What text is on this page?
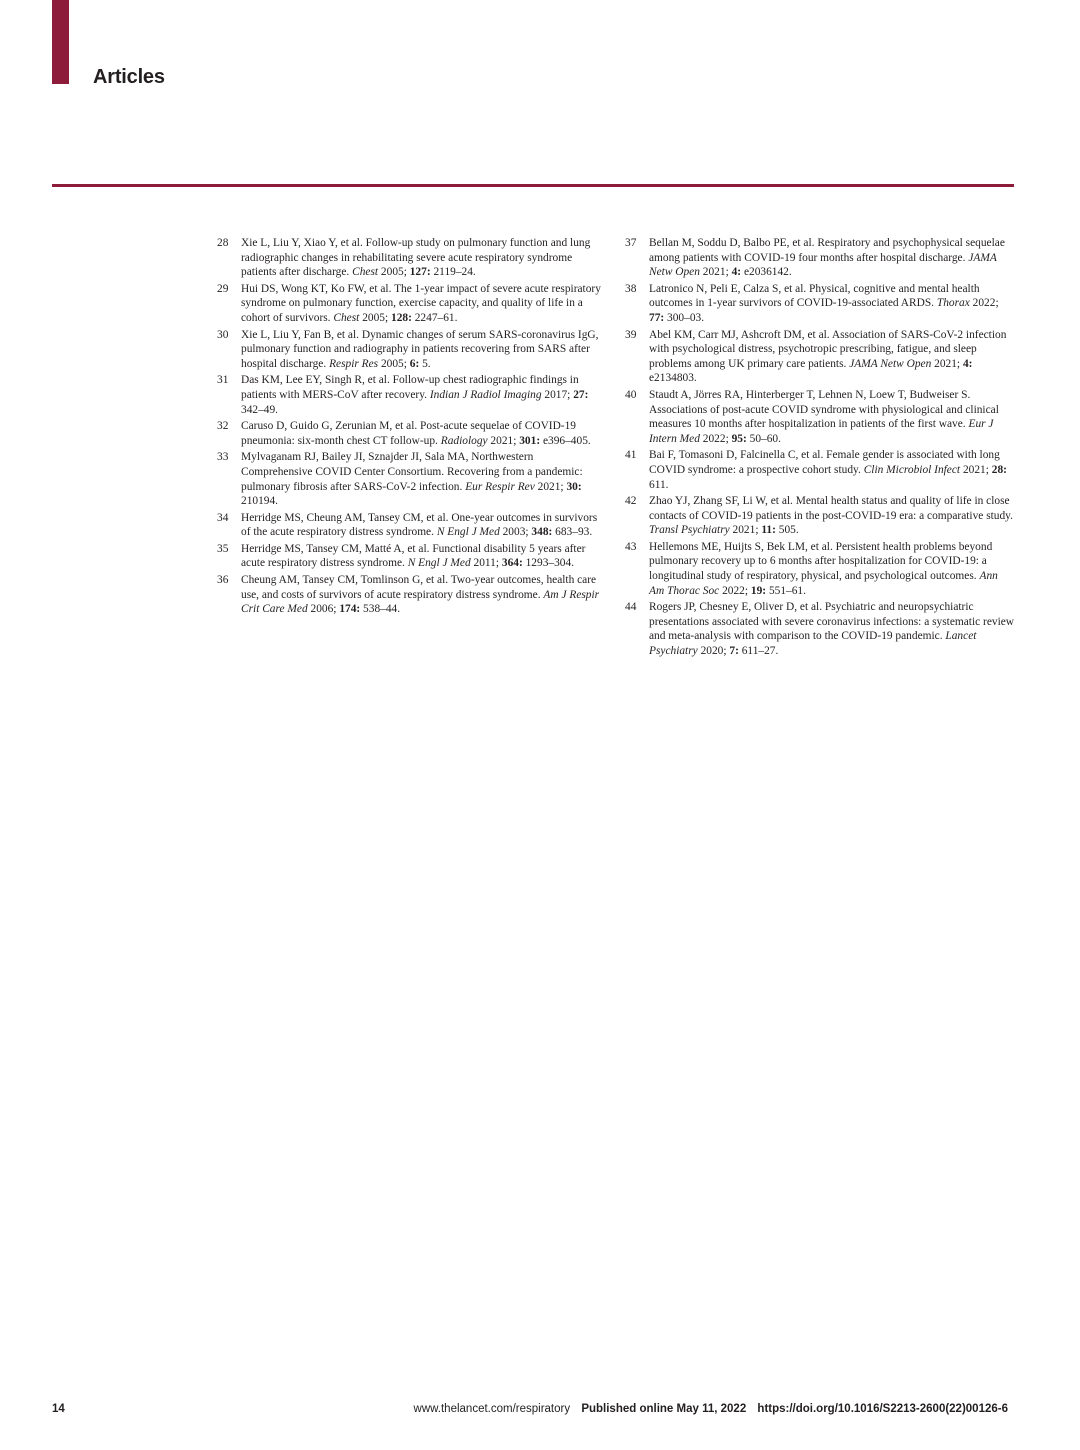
Articles
28	Xie L, Liu Y, Xiao Y, et al. Follow-up study on pulmonary function and lung radiographic changes in rehabilitating severe acute respiratory syndrome patients after discharge. Chest 2005; 127: 2119–24.
29	Hui DS, Wong KT, Ko FW, et al. The 1-year impact of severe acute respiratory syndrome on pulmonary function, exercise capacity, and quality of life in a cohort of survivors. Chest 2005; 128: 2247–61.
30	Xie L, Liu Y, Fan B, et al. Dynamic changes of serum SARS-coronavirus IgG, pulmonary function and radiography in patients recovering from SARS after hospital discharge. Respir Res 2005; 6: 5.
31	Das KM, Lee EY, Singh R, et al. Follow-up chest radiographic findings in patients with MERS-CoV after recovery. Indian J Radiol Imaging 2017; 27: 342–49.
32	Caruso D, Guido G, Zerunian M, et al. Post-acute sequelae of COVID-19 pneumonia: six-month chest CT follow-up. Radiology 2021; 301: e396–405.
33	Mylvaganam RJ, Bailey JI, Sznajder JI, Sala MA, Northwestern Comprehensive COVID Center Consortium. Recovering from a pandemic: pulmonary fibrosis after SARS-CoV-2 infection. Eur Respir Rev 2021; 30: 210194.
34	Herridge MS, Cheung AM, Tansey CM, et al. One-year outcomes in survivors of the acute respiratory distress syndrome. N Engl J Med 2003; 348: 683–93.
35	Herridge MS, Tansey CM, Matté A, et al. Functional disability 5 years after acute respiratory distress syndrome. N Engl J Med 2011; 364: 1293–304.
36	Cheung AM, Tansey CM, Tomlinson G, et al. Two-year outcomes, health care use, and costs of survivors of acute respiratory distress syndrome. Am J Respir Crit Care Med 2006; 174: 538–44.
37	Bellan M, Soddu D, Balbo PE, et al. Respiratory and psychophysical sequelae among patients with COVID-19 four months after hospital discharge. JAMA Netw Open 2021; 4: e2036142.
38	Latronico N, Peli E, Calza S, et al. Physical, cognitive and mental health outcomes in 1-year survivors of COVID-19-associated ARDS. Thorax 2022; 77: 300–03.
39	Abel KM, Carr MJ, Ashcroft DM, et al. Association of SARS-CoV-2 infection with psychological distress, psychotropic prescribing, fatigue, and sleep problems among UK primary care patients. JAMA Netw Open 2021; 4: e2134803.
40	Staudt A, Jörres RA, Hinterberger T, Lehnen N, Loew T, Budweiser S. Associations of post-acute COVID syndrome with physiological and clinical measures 10 months after hospitalization in patients of the first wave. Eur J Intern Med 2022; 95: 50–60.
41	Bai F, Tomasoni D, Falcinella C, et al. Female gender is associated with long COVID syndrome: a prospective cohort study. Clin Microbiol Infect 2021; 28: 611.
42	Zhao YJ, Zhang SF, Li W, et al. Mental health status and quality of life in close contacts of COVID-19 patients in the post-COVID-19 era: a comparative study. Transl Psychiatry 2021; 11: 505.
43	Hellemons ME, Huijts S, Bek LM, et al. Persistent health problems beyond pulmonary recovery up to 6 months after hospitalization for COVID-19: a longitudinal study of respiratory, physical, and psychological outcomes. Ann Am Thorac Soc 2022; 19: 551–61.
44	Rogers JP, Chesney E, Oliver D, et al. Psychiatric and neuropsychiatric presentations associated with severe coronavirus infections: a systematic review and meta-analysis with comparison to the COVID-19 pandemic. Lancet Psychiatry 2020; 7: 611–27.
14	www.thelancet.com/respiratory Published online May 11, 2022 https://doi.org/10.1016/S2213-2600(22)00126-6
